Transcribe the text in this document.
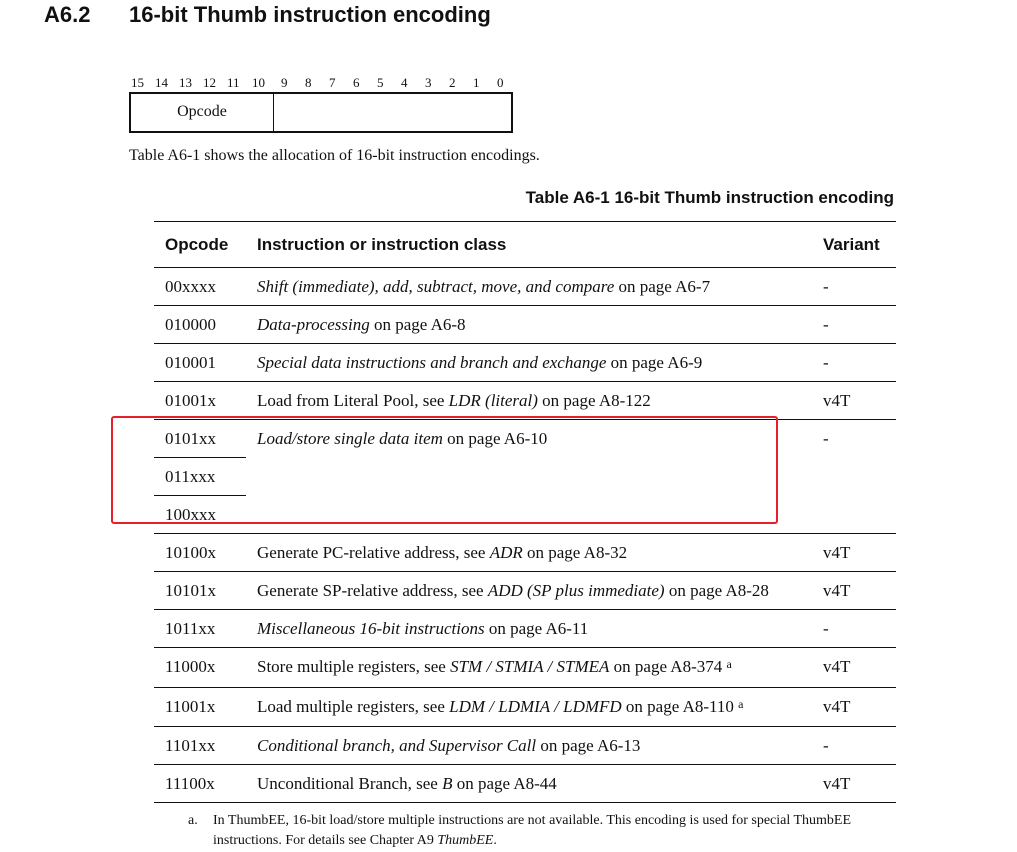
A6.2 16-bit Thumb instruction encoding
15 14 13 12 11 10 9 8 7 6 5 4 3 2 1 0
Opcode
Table A6-1 shows the allocation of 16-bit instruction encodings.
Table A6-1 16-bit Thumb instruction encoding
Opcode Instruction or instruction class	Variant
00xxxx Shift (immediate), add, subtract, move, and compare on page A6-7	-
010000 Data-processing on page A6-8	-
010001 Special data instructions and branch and exchange on page A6-9	-
01001x Load from Literal Pool, see LDR (literal) on page A8-122	v4T
0101xx Load/store single data item on page A6-10	-
011xxx
100xxx
10100x Generate PC-relative address, see ADR on page A8-32	v4T
10101x Generate SP-relative address, see ADD (SP plus immediate) on page A8-28	v4T
1011xx Miscellaneous 16-bit instructions on page A6-11	-
11000x Store multiple registers, see STM / STMIA / STMEA on page A8-374 $^a$	v4T
11001x Load multiple registers, see LDM / LDMIA / LDMFD on page A8-110 $^a$	v4T
1101xx Conditional branch, and Supervisor Call on page A6-13	-
11100x Unconditional Branch, see B on page A8-44	v4T
a. In ThumbEE, 16-bit load/store multiple instructions are not available. This encoding is used for special ThumbEE instructions. For details see Chapter A9 ThumbEE.
